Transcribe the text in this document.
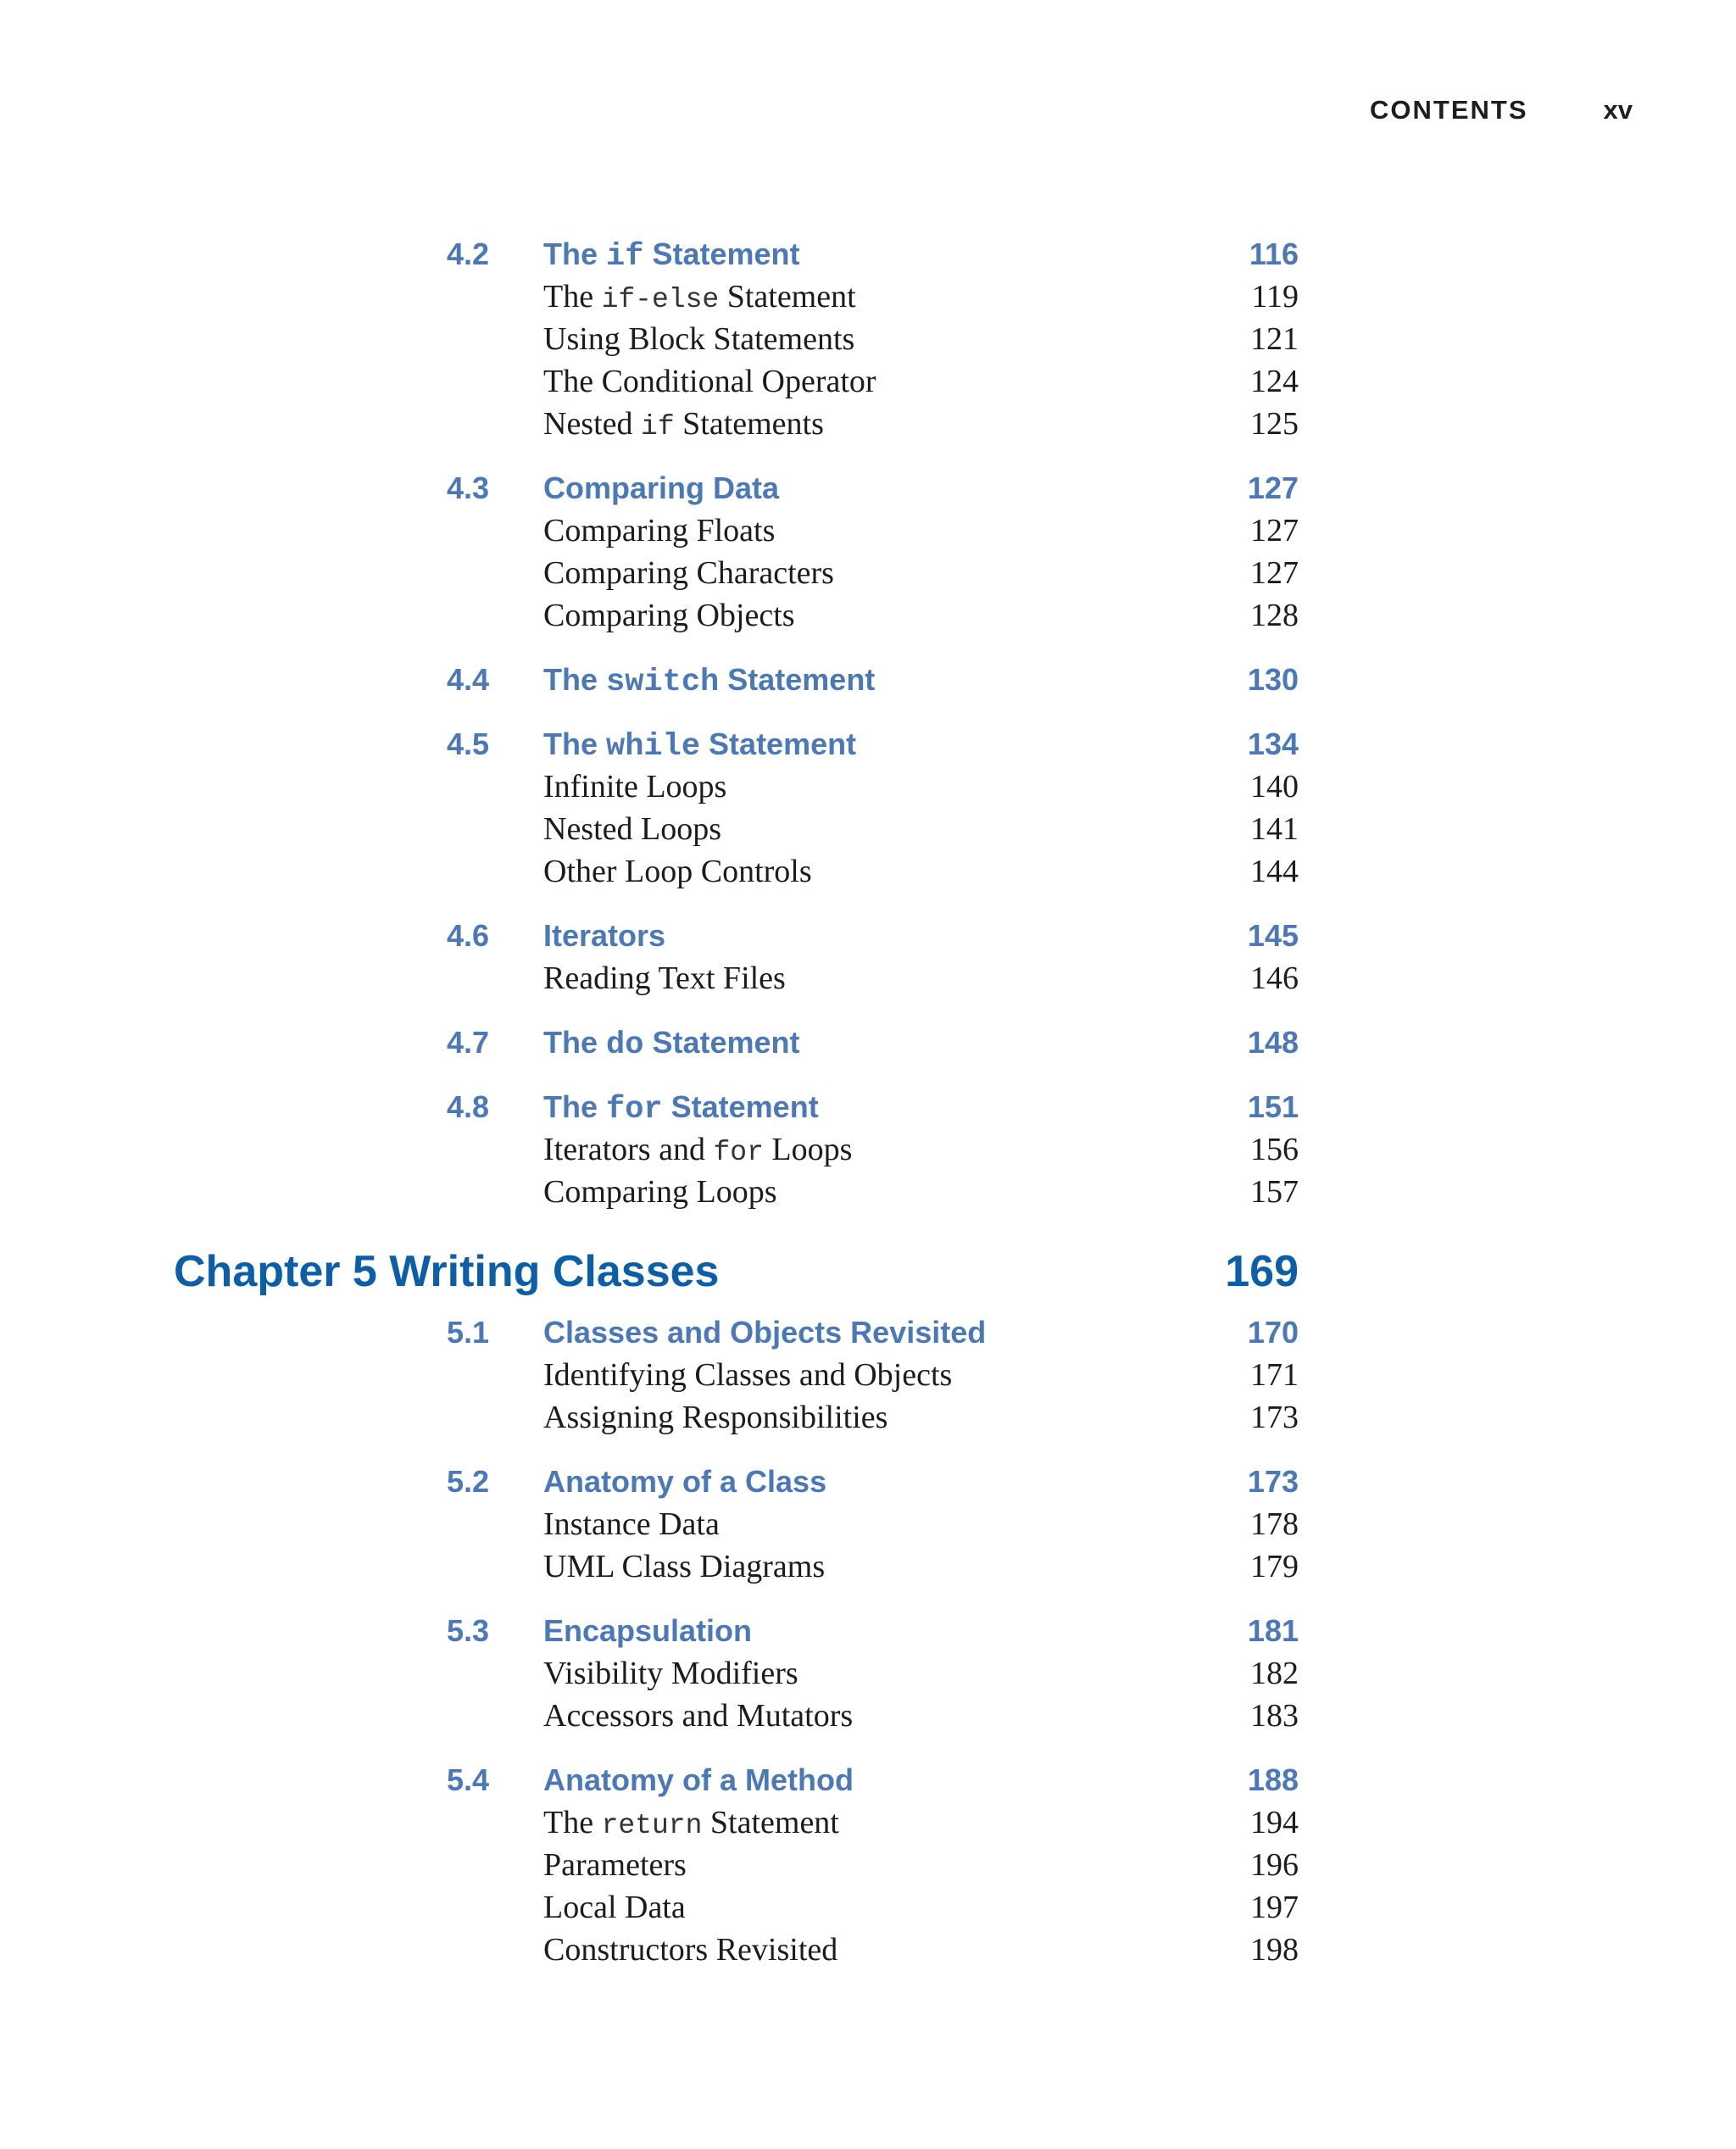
CONTENTS	xv
4.2 The if Statement	116
The if-else Statement	119
Using Block Statements	121
The Conditional Operator	124
Nested if Statements	125
4.3 Comparing Data	127
Comparing Floats	127
Comparing Characters	127
Comparing Objects	128
4.4 The switch Statement	130
4.5 The while Statement	134
Infinite Loops	140
Nested Loops	141
Other Loop Controls	144
4.6 Iterators	145
Reading Text Files	146
4.7 The do Statement	148
4.8 The for Statement	151
Iterators and for Loops	156
Comparing Loops	157
Chapter 5 Writing Classes	169
5.1 Classes and Objects Revisited	170
Identifying Classes and Objects	171
Assigning Responsibilities	173
5.2 Anatomy of a Class	173
Instance Data	178
UML Class Diagrams	179
5.3 Encapsulation	181
Visibility Modifiers	182
Accessors and Mutators	183
5.4 Anatomy of a Method	188
The return Statement	194
Parameters	196
Local Data	197
Constructors Revisited	198
